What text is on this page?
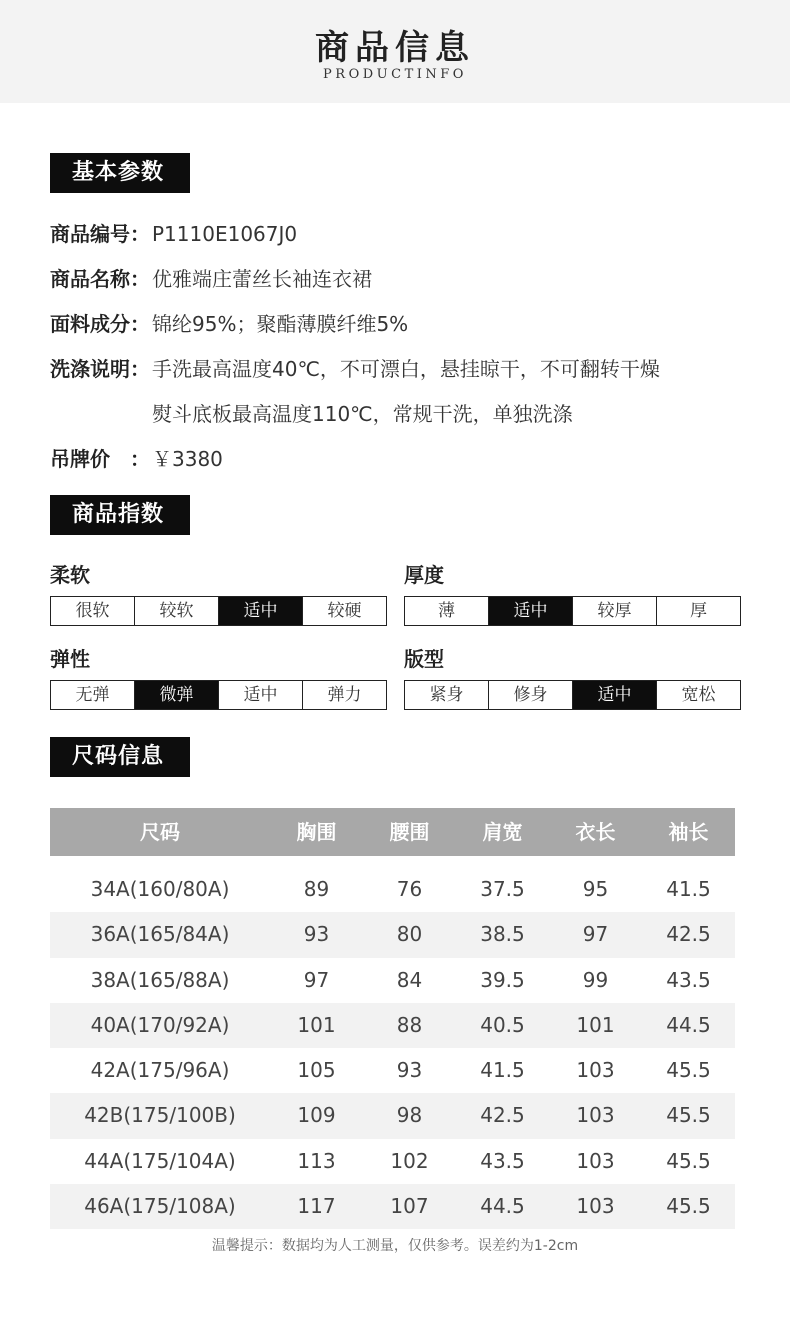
商品信息
PRODUCTINFO
基本参数
商品编号： P1110E1067J0
商品名称： 优雅端庄蕾丝长袖连衣裙
面料成分： 锦纶95%；聚酯薄膜纤维5%
洗涤说明： 手洗最高温度40℃，不可漂白，悬挂晾干，不可翻转干燥
熨斗底板最高温度110℃，常规干洗，单独洗涤
吊牌价　： ￥3380
商品指数
柔软
很软	较软	适中	较硬
厚度
薄	适中	较厚	厚
弹性
无弹	微弹	适中	弹力
版型
紧身	修身	适中	宽松
尺码信息
尺码	胸围	腰围	肩宽	衣长	袖长
34A(160/80A)	89	76	37.5	95	41.5
36A(165/84A)	93	80	38.5	97	42.5
38A(165/88A)	97	84	39.5	99	43.5
40A(170/92A)	101	88	40.5	101	44.5
42A(175/96A)	105	93	41.5	103	45.5
42B(175/100B)	109	98	42.5	103	45.5
44A(175/104A)	113	102	43.5	103	45.5
46A(175/108A)	117	107	44.5	103	45.5
温馨提示：数据均为人工测量，仅供参考。误差约为1-2cm
